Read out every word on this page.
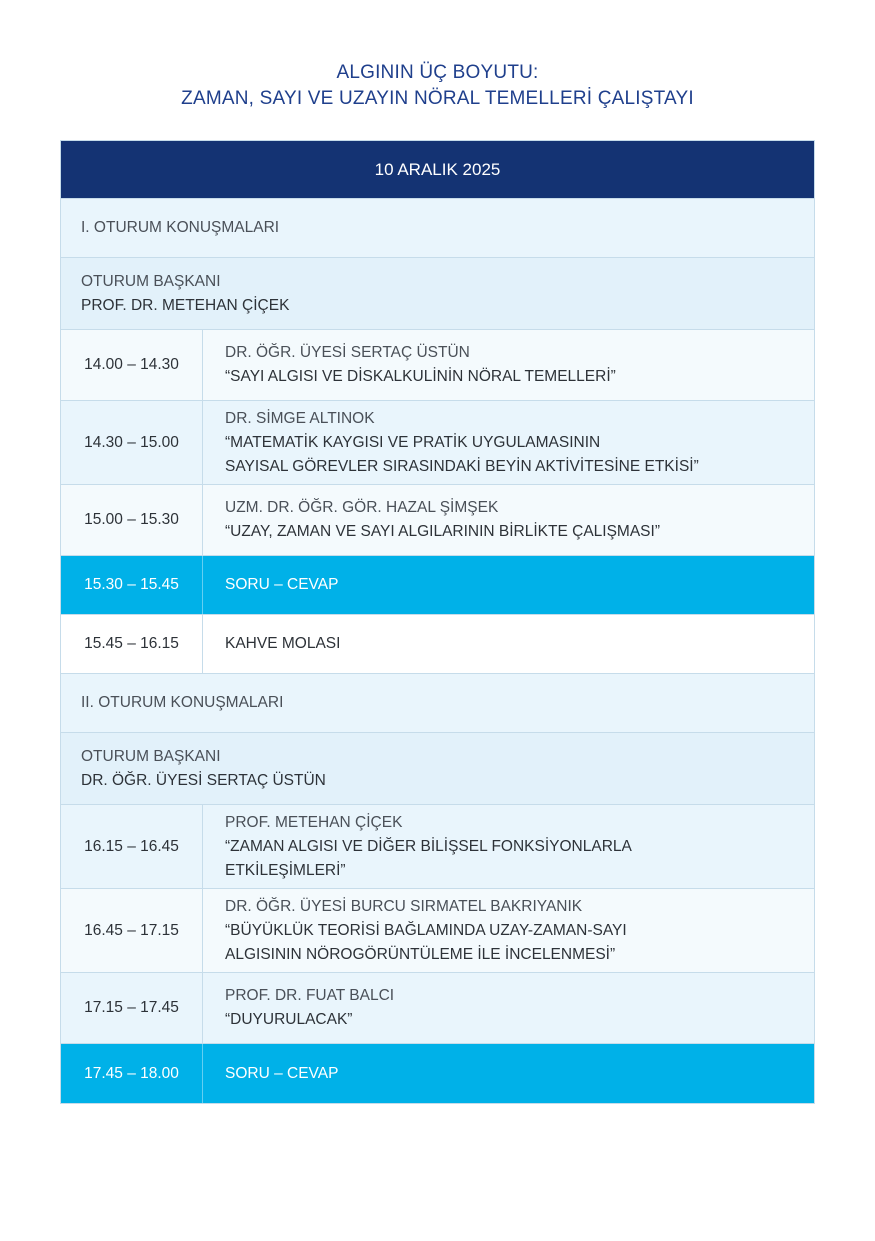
ALGININ ÜÇ BOYUTU:
ZAMAN, SAYI VE UZAYIN NÖRAL TEMELLERİ ÇALIŞTAYI
10 ARALIK 2025
I. OTURUM KONUŞMALARI
OTURUM BAŞKANI
PROF. DR. METEHAN ÇİÇEK
14.00 – 14.30
DR. ÖĞR. ÜYESİ SERTAÇ ÜSTÜN
“SAYI ALGISI VE DİSKALKULİNİN NÖRAL TEMELLERİ”
14.30 – 15.00
DR. SİMGE ALTINOK
“MATEMATİK KAYGISI VE PRATİK UYGULAMASININ
SAYISAL GÖREVLER SIRASINDAKİ BEYİN AKTİVİTESİNE ETKİSİ”
15.00 – 15.30
UZM. DR. ÖĞR. GÖR. HAZAL ŞİMŞEK
“UZAY, ZAMAN VE SAYI ALGILARININ BİRLİKTE ÇALIŞMASI”
15.30 – 15.45	SORU – CEVAP
15.45 – 16.15	KAHVE MOLASI
II. OTURUM KONUŞMALARI
OTURUM BAŞKANI
DR. ÖĞR. ÜYESİ SERTAÇ ÜSTÜN
16.15 – 16.45
PROF. METEHAN ÇİÇEK
“ZAMAN ALGISI VE DİĞER BİLİŞSEL FONKSİYONLARLA
ETKİLEŞİMLERİ”
16.45 – 17.15
DR. ÖĞR. ÜYESİ BURCU SIRMATEL BAKRIYANIK
“BÜYÜKLÜK TEORİSİ BAĞLAMINDA UZAY-ZAMAN-SAYI
ALGISININ NÖROGÖRÜNTÜLEME İLE İNCELENMESİ”
17.15 – 17.45
PROF. DR. FUAT BALCI
“DUYURULACAK”
17.45 – 18.00	SORU – CEVAP
